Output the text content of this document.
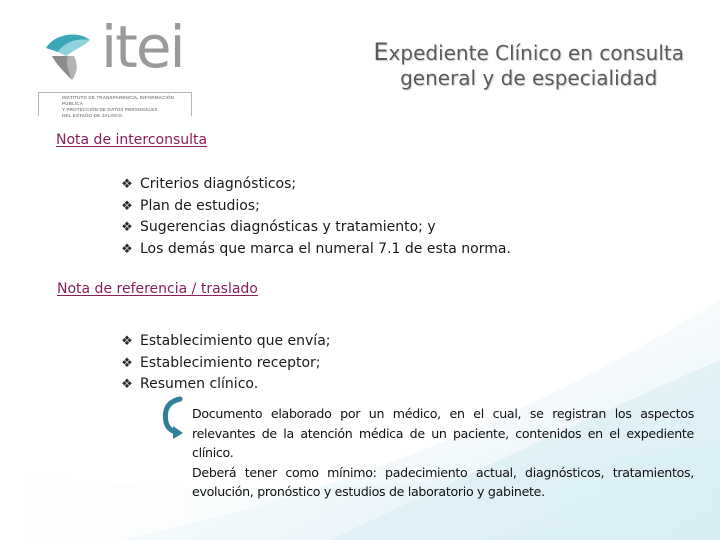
itei
INSTITUTO DE TRANSPARENCIA, INFORMACIÓN PÚBLICA
Y PROTECCIÓN DE DATOS PERSONALES
DEL ESTADO DE JALISCO
Expediente Clínico en consulta
general y de especialidad
Nota de interconsulta
❖ Criterios diagnósticos;
❖ Plan de estudios;
❖ Sugerencias diagnósticas y tratamiento; y
❖ Los demás que marca el numeral 7.1 de esta norma.
Nota de referencia / traslado
❖ Establecimiento que envía;
❖ Establecimiento receptor;
❖ Resumen clínico.

Documento elaborado por un médico, en el cual, se registran los aspectos relevantes de la atención médica de un paciente, contenidos en el expediente clínico.

Deberá tener como mínimo: padecimiento actual, diagnósticos, tratamientos, evolución, pronóstico y estudios de laboratorio y gabinete.
